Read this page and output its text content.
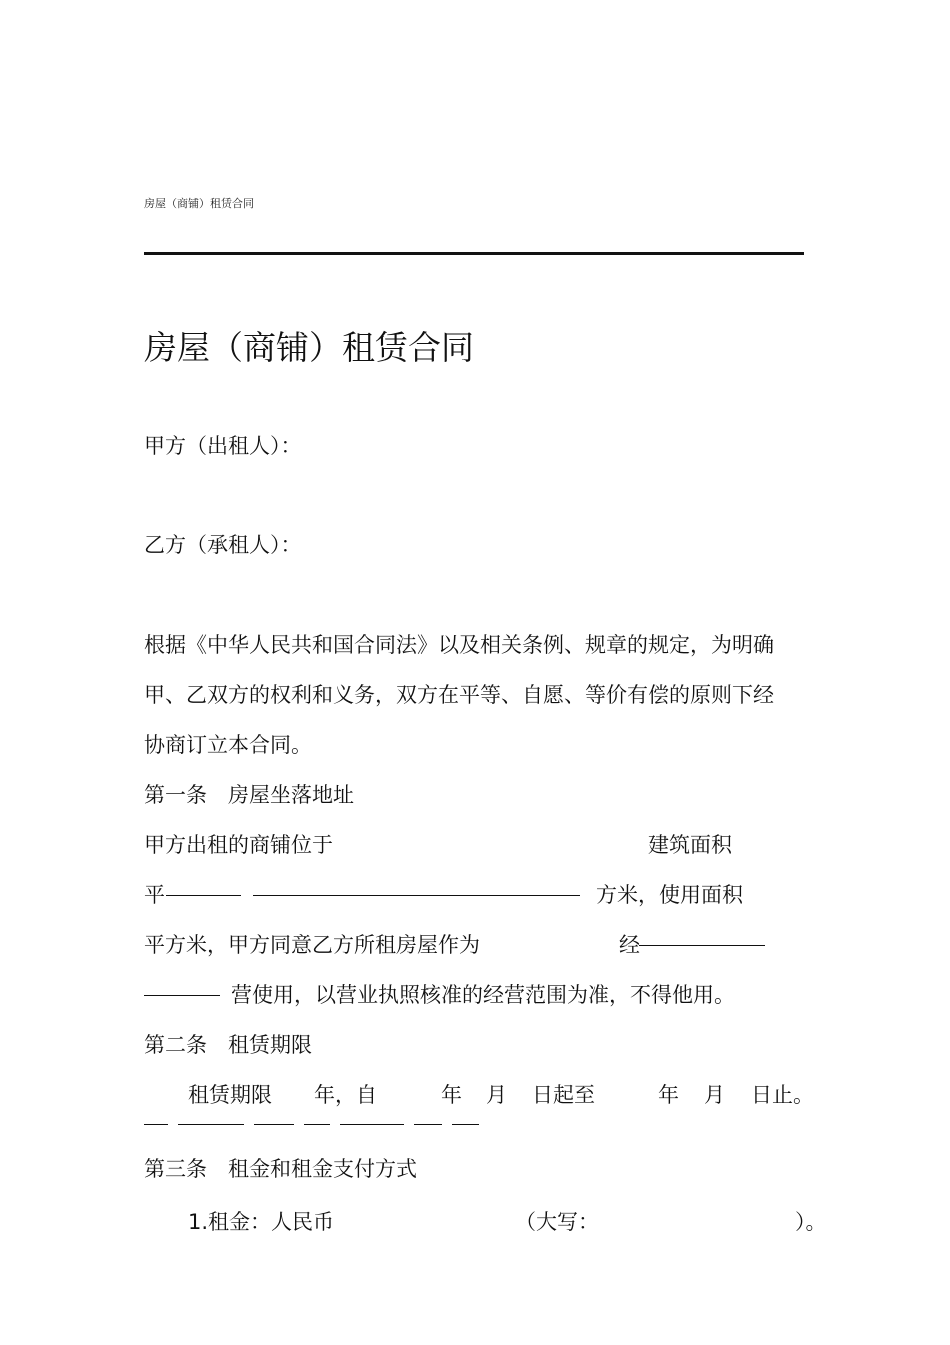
房屋（商铺）租赁合同
房屋（商铺）租赁合同
甲方（出租人）：
乙方（承租人）：
根据《中华人民共和国合同法》以及相关条例、规章的规定，为明确
甲、乙双方的权利和义务，双方在平等、自愿、等价有偿的原则下经
协商订立本合同。
第一条　房屋坐落地址
甲方出租的商铺位于	建筑面积
平	方米，使用面积
平方米，甲方同意乙方所租房屋作为	经
营使用，以营业执照核准的经营范围为准，不得他用。
第二条　租赁期限
租赁期限 年，自	年 月 日起至	年 月 日止。
第三条　租金和租金支付方式
1.租金：人民币	（大写：	）。
